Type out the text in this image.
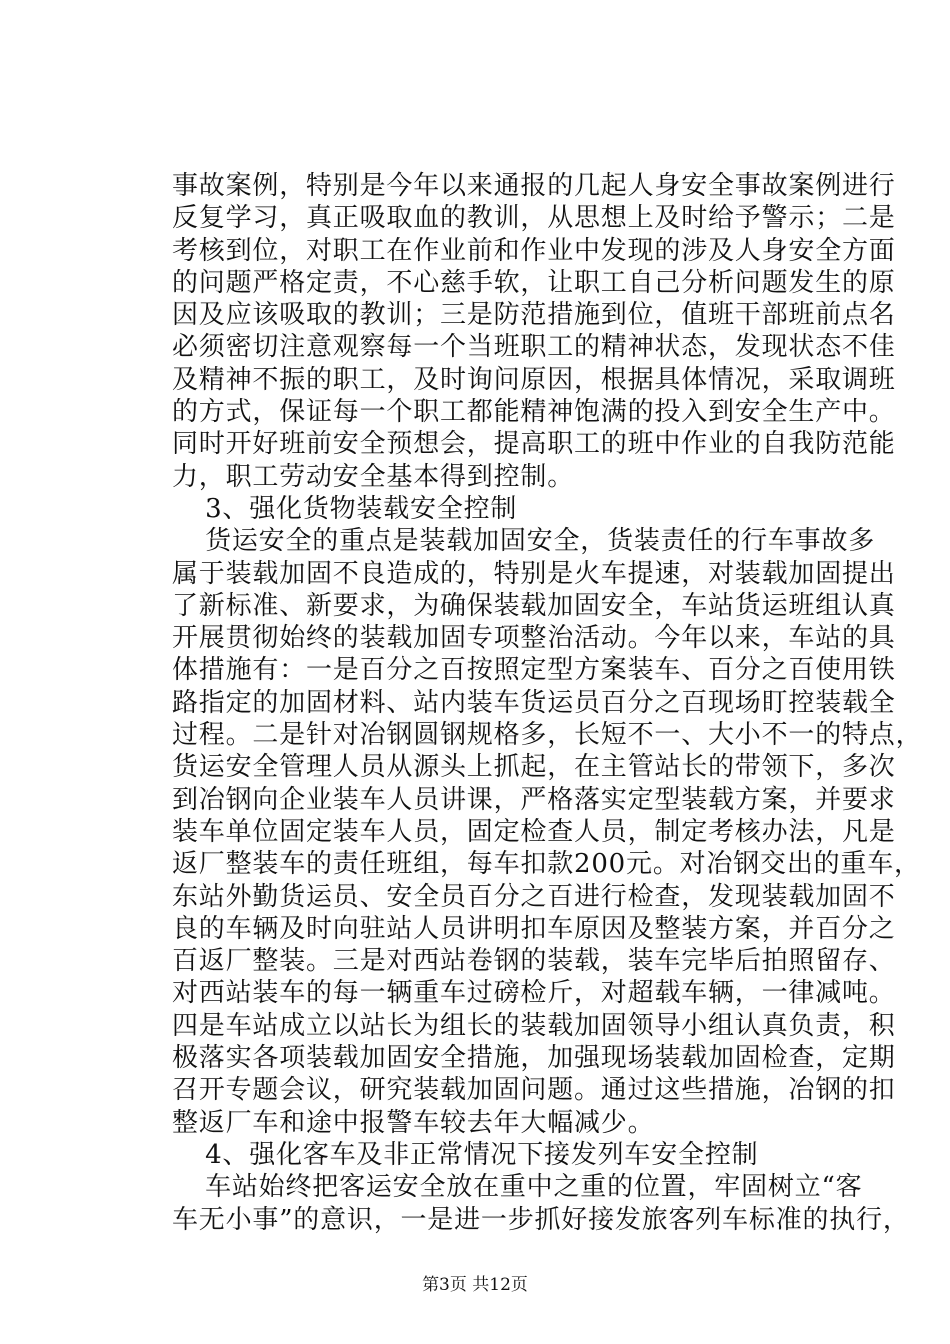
事故案例，特别是今年以来通报的几起人身安全事故案例进行
反复学习，真正吸取血的教训，从思想上及时给予警示；二是
考核到位，对职工在作业前和作业中发现的涉及人身安全方面
的问题严格定责，不心慈手软，让职工自己分析问题发生的原
因及应该吸取的教训；三是防范措施到位，值班干部班前点名
必须密切注意观察每一个当班职工的精神状态，发现状态不佳
及精神不振的职工，及时询问原因，根据具体情况，采取调班
的方式，保证每一个职工都能精神饱满的投入到安全生产中。
同时开好班前安全预想会，提高职工的班中作业的自我防范能
力，职工劳动安全基本得到控制。
3、强化货物装载安全控制
货运安全的重点是装载加固安全，货装责任的行车事故多
属于装载加固不良造成的，特别是火车提速，对装载加固提出
了新标准、新要求，为确保装载加固安全，车站货运班组认真
开展贯彻始终的装载加固专项整治活动。今年以来，车站的具
体措施有：一是百分之百按照定型方案装车、百分之百使用铁
路指定的加固材料、站内装车货运员百分之百现场盯控装载全
过程。二是针对冶钢圆钢规格多，长短不一、大小不一的特点，
货运安全管理人员从源头上抓起，在主管站长的带领下，多次
到冶钢向企业装车人员讲课，严格落实定型装载方案，并要求
装车单位固定装车人员，固定检查人员，制定考核办法，凡是
返厂整装车的责任班组，每车扣款200元。对冶钢交出的重车，
东站外勤货运员、安全员百分之百进行检查，发现装载加固不
良的车辆及时向驻站人员讲明扣车原因及整装方案，并百分之
百返厂整装。三是对西站卷钢的装载，装车完毕后拍照留存、
对西站装车的每一辆重车过磅检斤，对超载车辆，一律减吨。
四是车站成立以站长为组长的装载加固领导小组认真负责，积
极落实各项装载加固安全措施，加强现场装载加固检查，定期
召开专题会议，研究装载加固问题。通过这些措施，冶钢的扣
整返厂车和途中报警车较去年大幅减少。
4、强化客车及非正常情况下接发列车安全控制
车站始终把客运安全放在重中之重的位置，牢固树立“客
车无小事”的意识，一是进一步抓好接发旅客列车标准的执行，
第3页 共12页
